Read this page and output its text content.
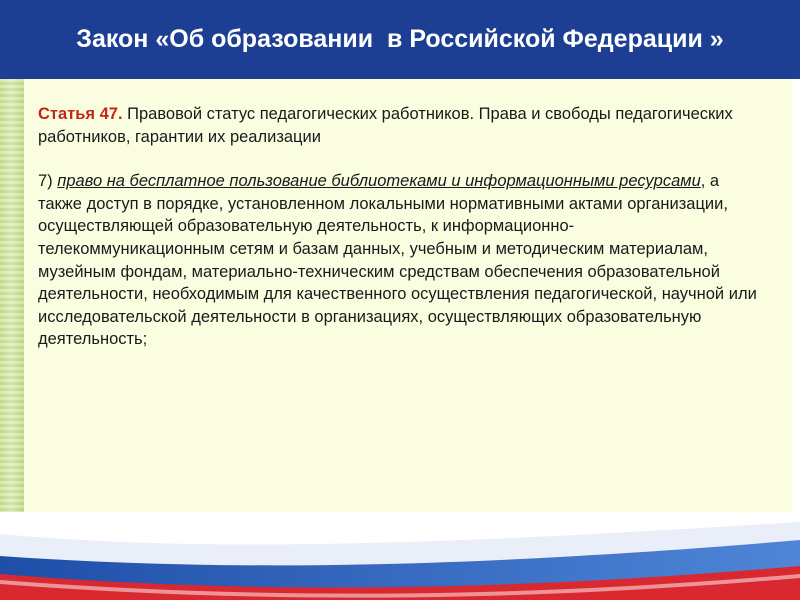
Закон «Об образовании  в Российской Федерации »

Статья 47. Правовой статус педагогических работников. Права и свободы педагогических работников, гарантии их реализации

7) право на бесплатное пользование библиотеками и информационными ресурсами, а также доступ в порядке, установленном локальными нормативными актами организации, осуществляющей образовательную деятельность, к информационно-телекоммуникационным сетям и базам данных, учебным и методическим материалам, музейным фондам, материально-техническим средствам обеспечения образовательной деятельности, необходимым для качественного осуществления педагогической, научной или исследовательской деятельности в организациях, осуществляющих образовательную деятельность;
